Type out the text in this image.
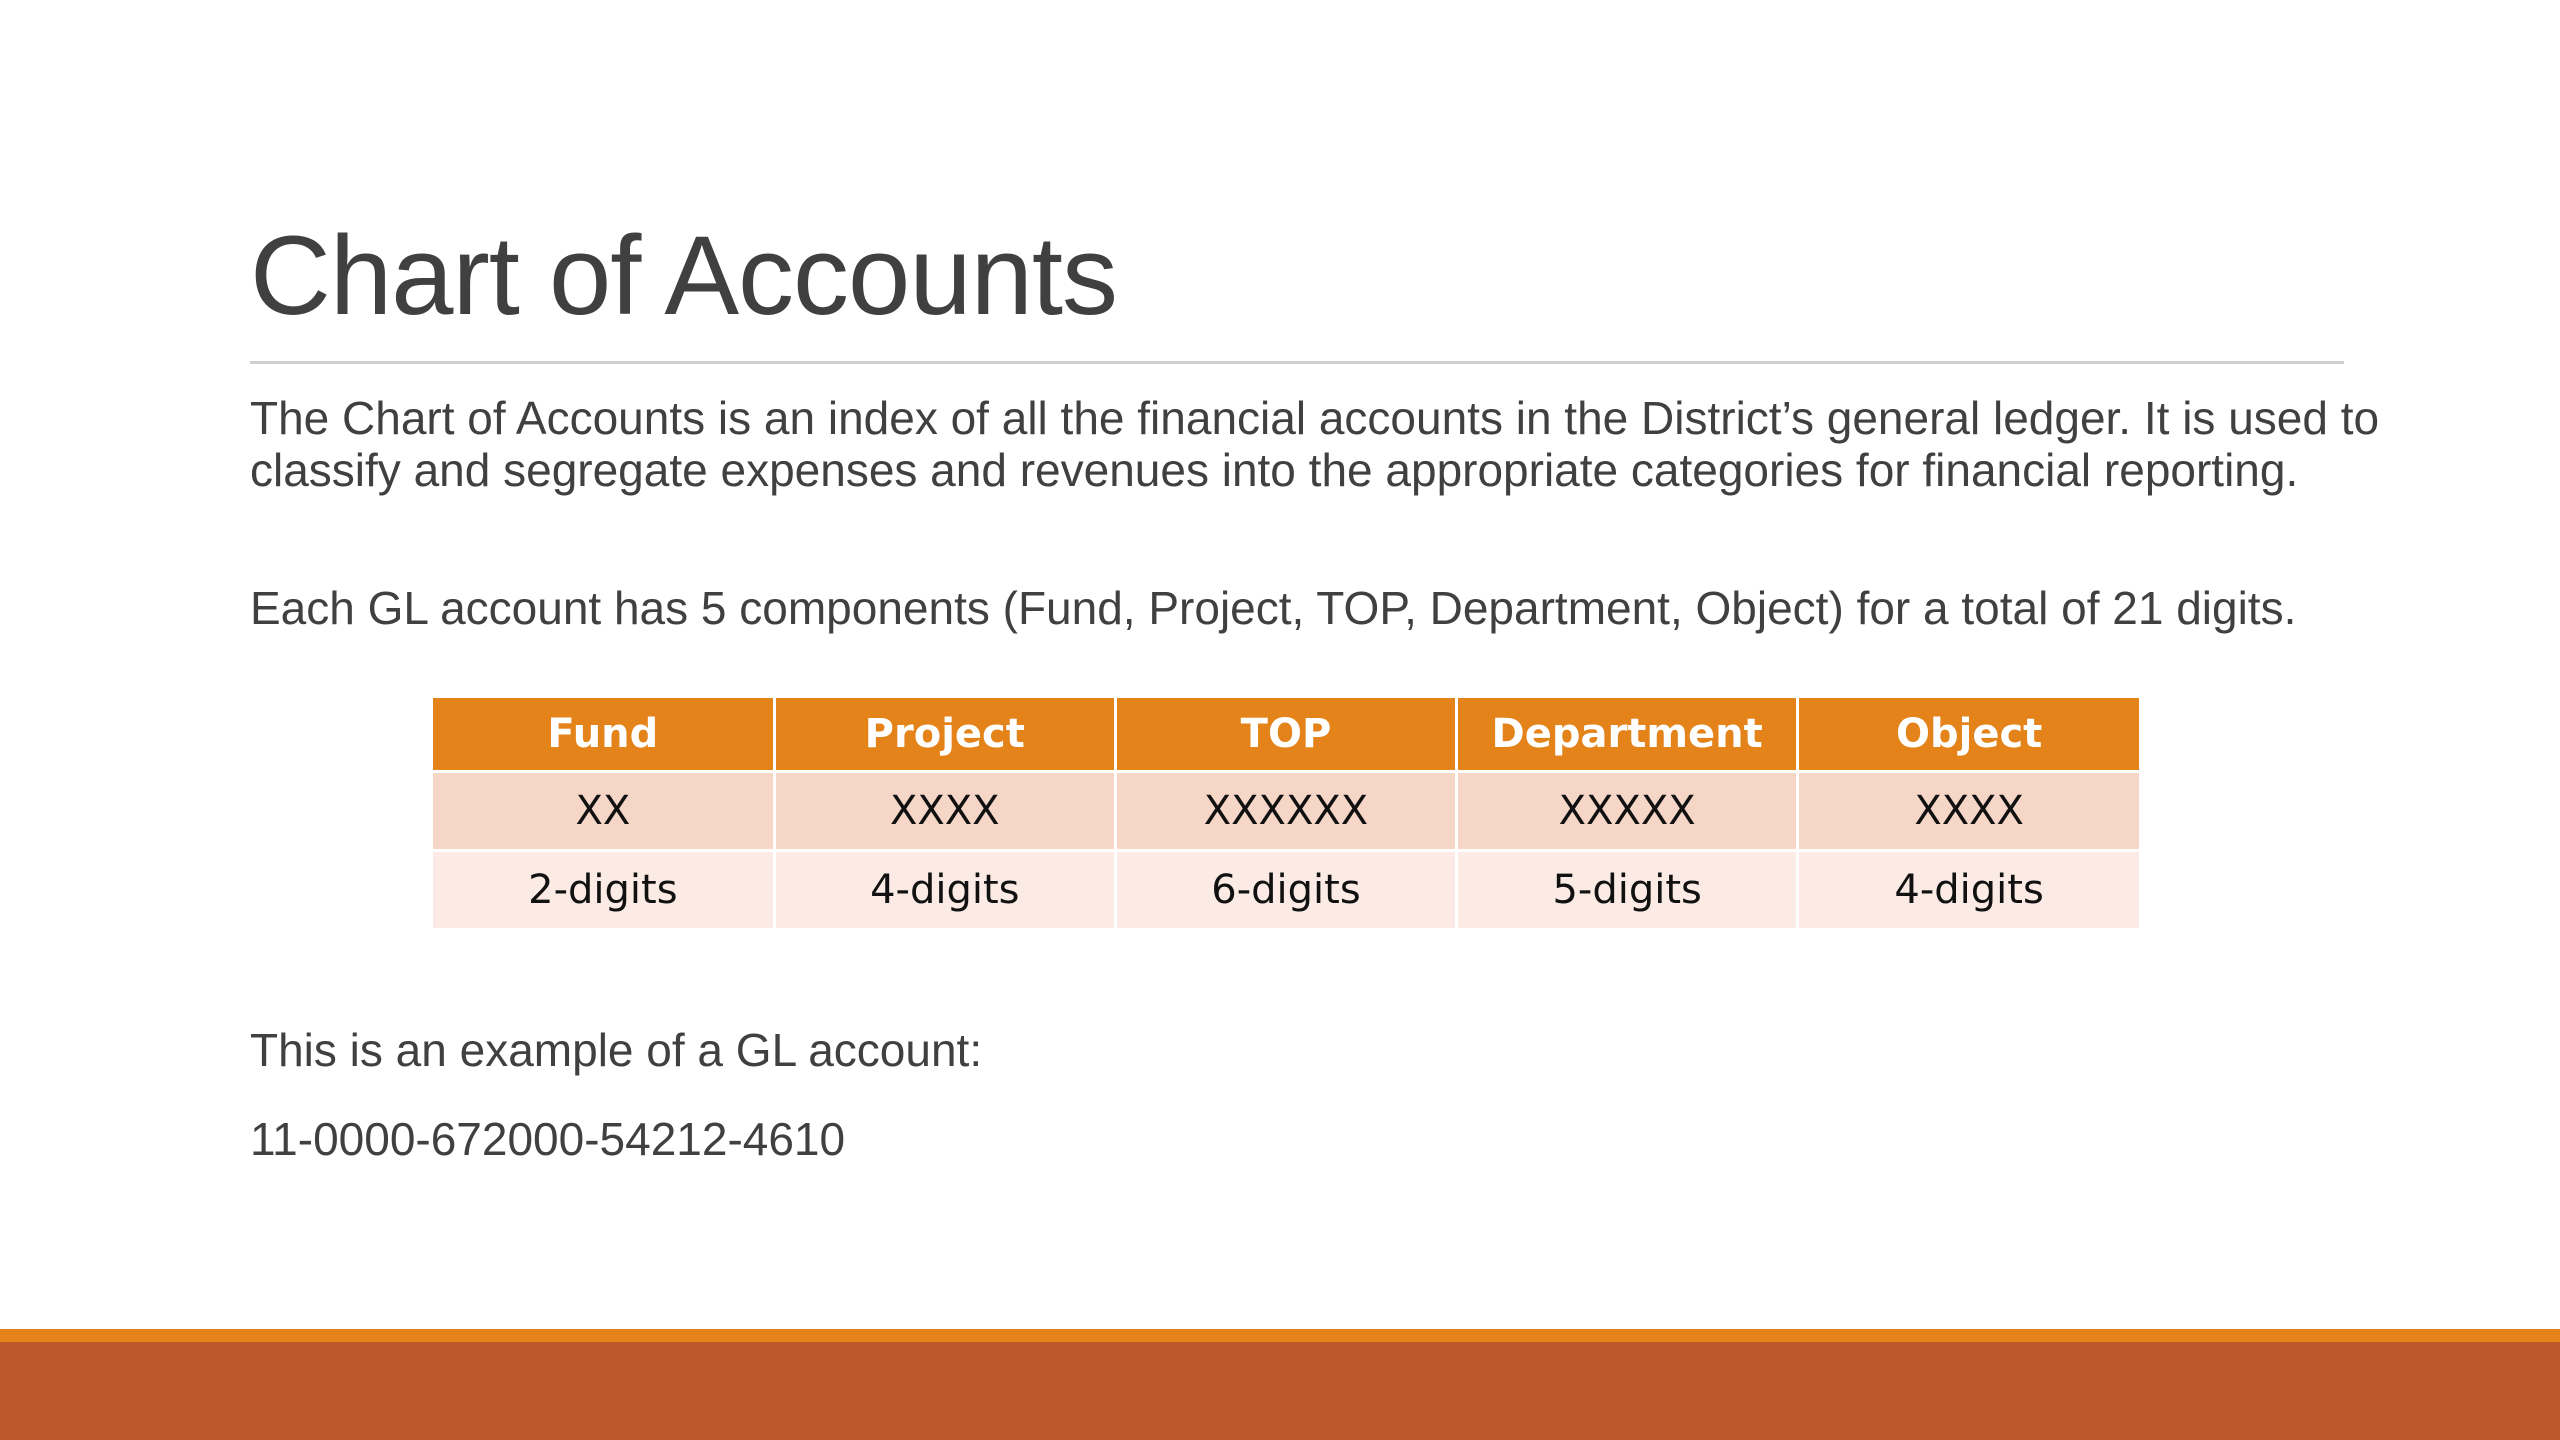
Chart of Accounts

The Chart of Accounts is an index of all the financial accounts in the District’s general ledger. It is used to classify and segregate expenses and revenues into the appropriate categories for financial reporting.

Each GL account has 5 components (Fund, Project, TOP, Department, Object) for a total of 21 digits.

Fund	Project	TOP	Department	Object
XX	XXXX	XXXXXX	XXXXX	XXXX
2-digits	4-digits	6-digits	5-digits	4-digits

This is an example of a GL account:

11-0000-672000-54212-4610
